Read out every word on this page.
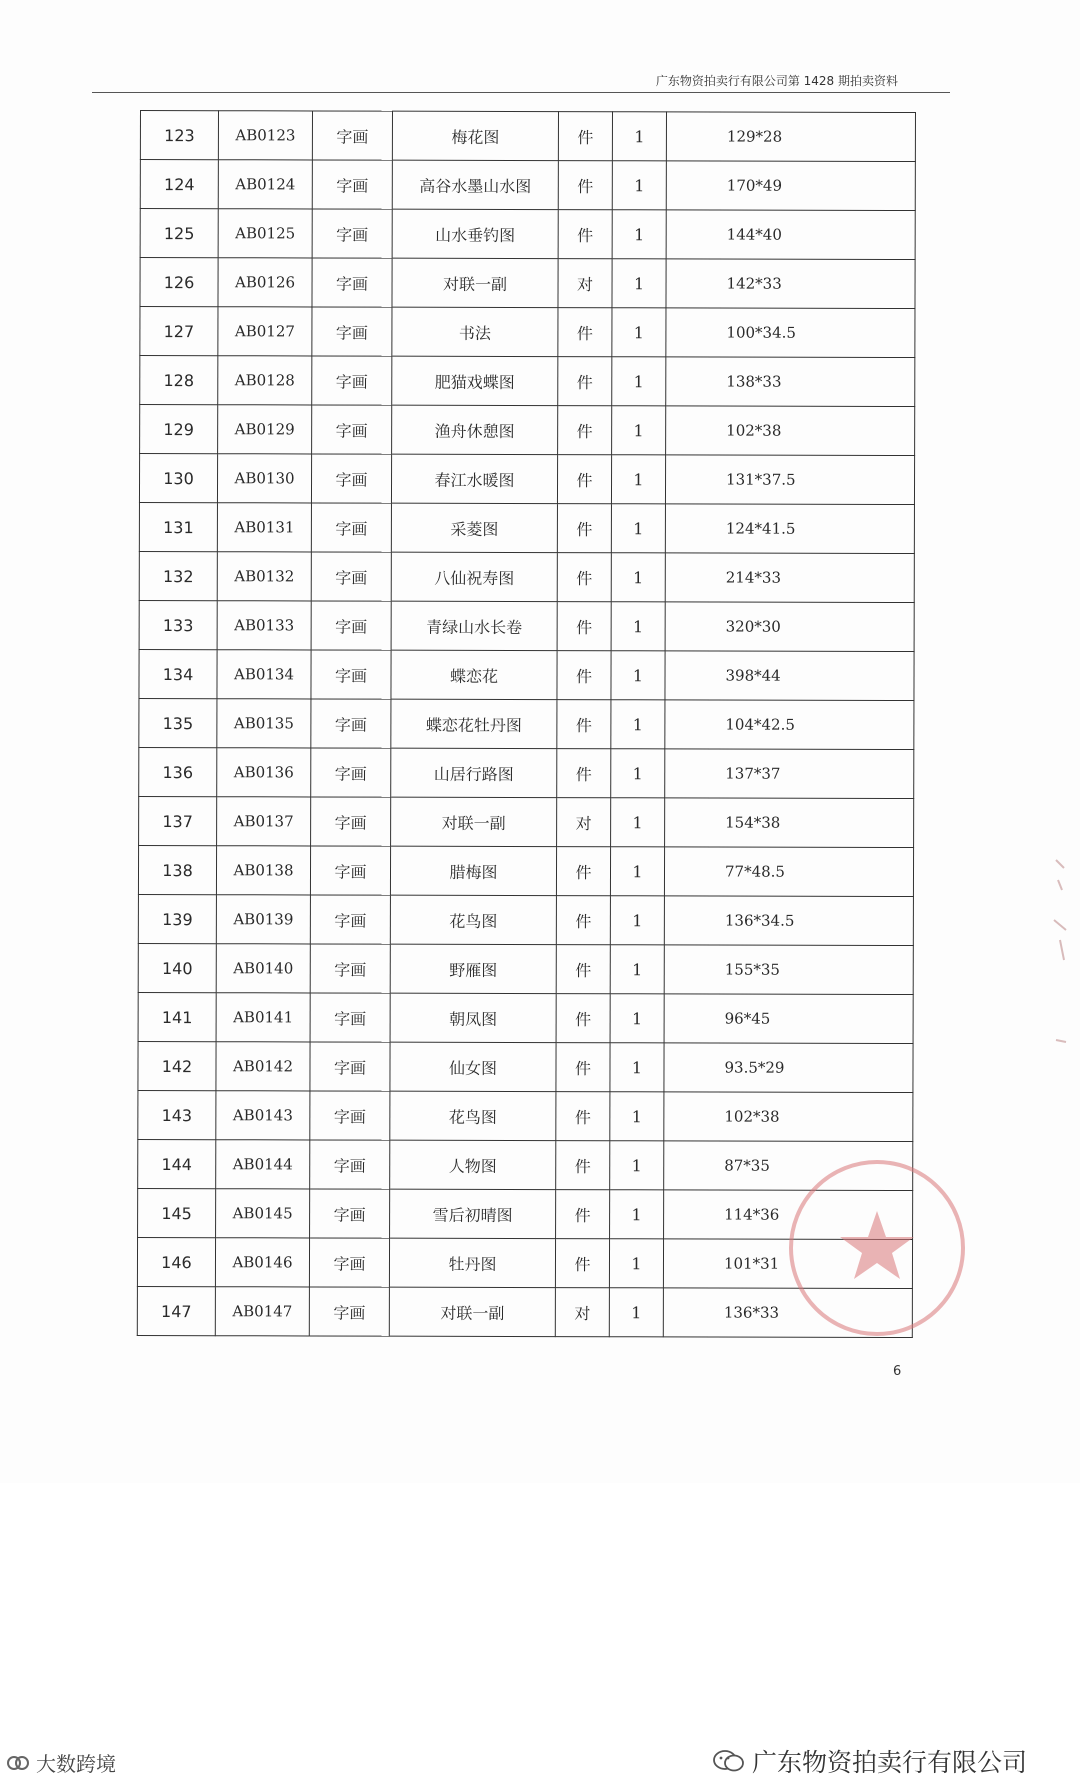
广东物资拍卖行有限公司第 1428 期拍卖资料
123	AB0123	字画	梅花图	件	1	129*28
124	AB0124	字画	高谷水墨山水图	件	1	170*49
125	AB0125	字画	山水垂钓图	件	1	144*40
126	AB0126	字画	对联一副	对	1	142*33
127	AB0127	字画	书法	件	1	100*34.5
128	AB0128	字画	肥猫戏蝶图	件	1	138*33
129	AB0129	字画	渔舟休憩图	件	1	102*38
130	AB0130	字画	春江水暖图	件	1	131*37.5
131	AB0131	字画	采菱图	件	1	124*41.5
132	AB0132	字画	八仙祝寿图	件	1	214*33
133	AB0133	字画	青绿山水长卷	件	1	320*30
134	AB0134	字画	蝶恋花	件	1	398*44
135	AB0135	字画	蝶恋花牡丹图	件	1	104*42.5
136	AB0136	字画	山居行路图	件	1	137*37
137	AB0137	字画	对联一副	对	1	154*38
138	AB0138	字画	腊梅图	件	1	77*48.5
139	AB0139	字画	花鸟图	件	1	136*34.5
140	AB0140	字画	野雁图	件	1	155*35
141	AB0141	字画	朝凤图	件	1	96*45
142	AB0142	字画	仙女图	件	1	93.5*29
143	AB0143	字画	花鸟图	件	1	102*38
144	AB0144	字画	人物图	件	1	87*35
145	AB0145	字画	雪后初晴图	件	1	114*36
146	AB0146	字画	牡丹图	件	1	101*31
147	AB0147	字画	对联一副	对	1	136*33
6
大数跨境	广东物资拍卖行有限公司
